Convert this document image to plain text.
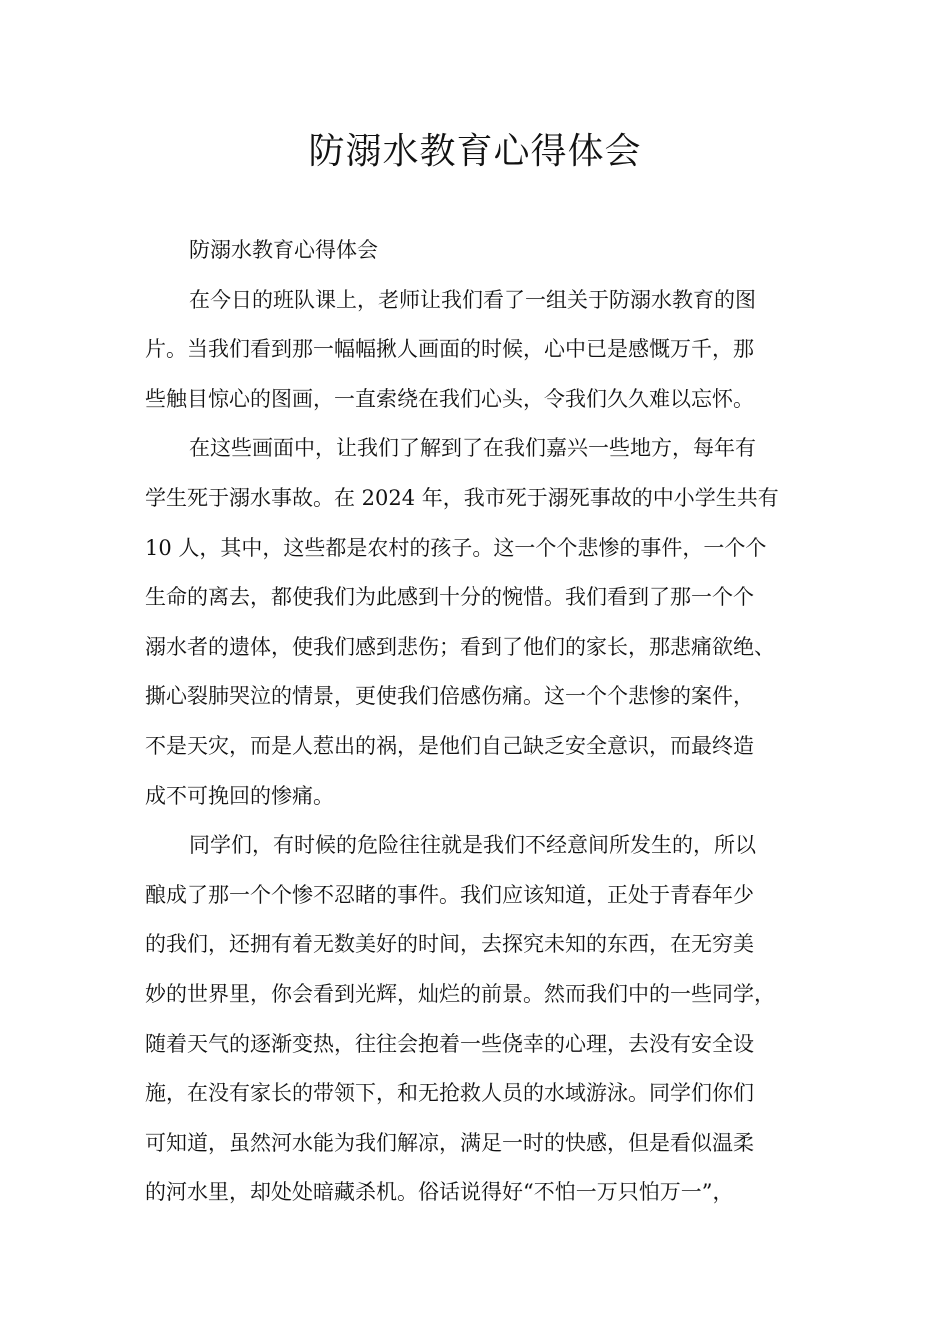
防溺水教育心得体会
防溺水教育心得体会
在今日的班队课上，老师让我们看了一组关于防溺水教育的图
片。当我们看到那一幅幅揪人画面的时候，心中已是感慨万千，那
些触目惊心的图画，一直索绕在我们心头，令我们久久难以忘怀。
在这些画面中，让我们了解到了在我们嘉兴一些地方，每年有
学生死于溺水事故。在 2024 年，我市死于溺死事故的中小学生共有
10 人，其中，这些都是农村的孩子。这一个个悲惨的事件，一个个
生命的离去，都使我们为此感到十分的惋惜。我们看到了那一个个
溺水者的遗体，使我们感到悲伤；看到了他们的家长，那悲痛欲绝、
撕心裂肺哭泣的情景，更使我们倍感伤痛。这一个个悲惨的案件，
不是天灾，而是人惹出的祸，是他们自己缺乏安全意识，而最终造
成不可挽回的惨痛。
同学们，有时候的危险往往就是我们不经意间所发生的，所以
酿成了那一个个惨不忍睹的事件。我们应该知道，正处于青春年少
的我们，还拥有着无数美好的时间，去探究未知的东西，在无穷美
妙的世界里，你会看到光辉，灿烂的前景。然而我们中的一些同学，
随着天气的逐渐变热，往往会抱着一些侥幸的心理，去没有安全设
施，在没有家长的带领下，和无抢救人员的水域游泳。同学们你们
可知道，虽然河水能为我们解凉，满足一时的快感，但是看似温柔
的河水里，却处处暗藏杀机。俗话说得好“不怕一万只怕万一”，
